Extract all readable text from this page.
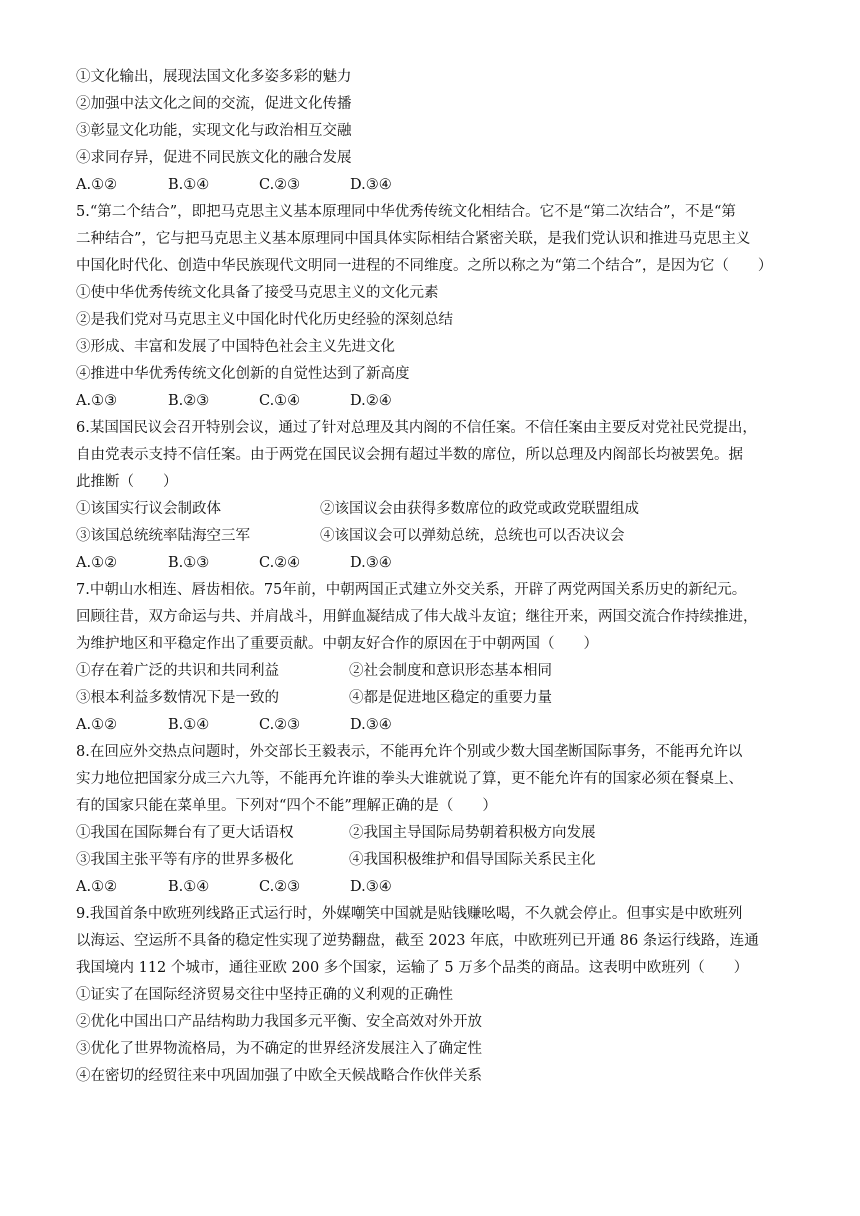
①文化输出，展现法国文化多姿多彩的魅力
②加强中法文化之间的交流，促进文化传播
③彰显文化功能，实现文化与政治相互交融
④求同存异，促进不同民族文化的融合发展
A.①②	B.①④	C.②③	D.③④
5.“第二个结合”，即把马克思主义基本原理同中华优秀传统文化相结合。它不是“第二次结合”，不是“第
二种结合”，它与把马克思主义基本原理同中国具体实际相结合紧密关联，是我们党认识和推进马克思主义
中国化时代化、创造中华民族现代文明同一进程的不同维度。之所以称之为“第二个结合”，是因为它（　　）
①使中华优秀传统文化具备了接受马克思主义的文化元素
②是我们党对马克思主义中国化时代化历史经验的深刻总结
③形成、丰富和发展了中国特色社会主义先进文化
④推进中华优秀传统文化创新的自觉性达到了新高度
A.①③	B.②③	C.①④	D.②④
6.某国国民议会召开特别会议，通过了针对总理及其内阁的不信任案。不信任案由主要反对党社民党提出，
自由党表示支持不信任案。由于两党在国民议会拥有超过半数的席位，所以总理及内阁部长均被罢免。据
此推断（　　）
①该国实行议会制政体	②该国议会由获得多数席位的政党或政党联盟组成
③该国总统统率陆海空三军	④该国议会可以弹劾总统，总统也可以否决议会
A.①②	B.①③	C.②④	D.③④
7.中朝山水相连、唇齿相依。75年前，中朝两国正式建立外交关系，开辟了两党两国关系历史的新纪元。
回顾往昔，双方命运与共、并肩战斗，用鲜血凝结成了伟大战斗友谊；继往开来，两国交流合作持续推进，
为维护地区和平稳定作出了重要贡献。中朝友好合作的原因在于中朝两国（　　）
①存在着广泛的共识和共同利益	②社会制度和意识形态基本相同
③根本利益多数情况下是一致的	④都是促进地区稳定的重要力量
A.①②	B.①④	C.②③	D.③④
8.在回应外交热点问题时，外交部长王毅表示，不能再允许个别或少数大国垄断国际事务，不能再允许以
实力地位把国家分成三六九等，不能再允许谁的拳头大谁就说了算，更不能允许有的国家必须在餐桌上、
有的国家只能在菜单里。下列对“四个不能”理解正确的是（　　）
①我国在国际舞台有了更大话语权	②我国主导国际局势朝着积极方向发展
③我国主张平等有序的世界多极化	④我国积极维护和倡导国际关系民主化
A.①②	B.①④	C.②③	D.③④
9.我国首条中欧班列线路正式运行时，外媒嘲笑中国就是贴钱赚吆喝，不久就会停止。但事实是中欧班列
以海运、空运所不具备的稳定性实现了逆势翻盘，截至 2023 年底，中欧班列已开通 86 条运行线路，连通
我国境内 112 个城市，通往亚欧 200 多个国家，运输了 5 万多个品类的商品。这表明中欧班列（　　）
①证实了在国际经济贸易交往中坚持正确的义利观的正确性
②优化中国出口产品结构助力我国多元平衡、安全高效对外开放
③优化了世界物流格局，为不确定的世界经济发展注入了确定性
④在密切的经贸往来中巩固加强了中欧全天候战略合作伙伴关系
